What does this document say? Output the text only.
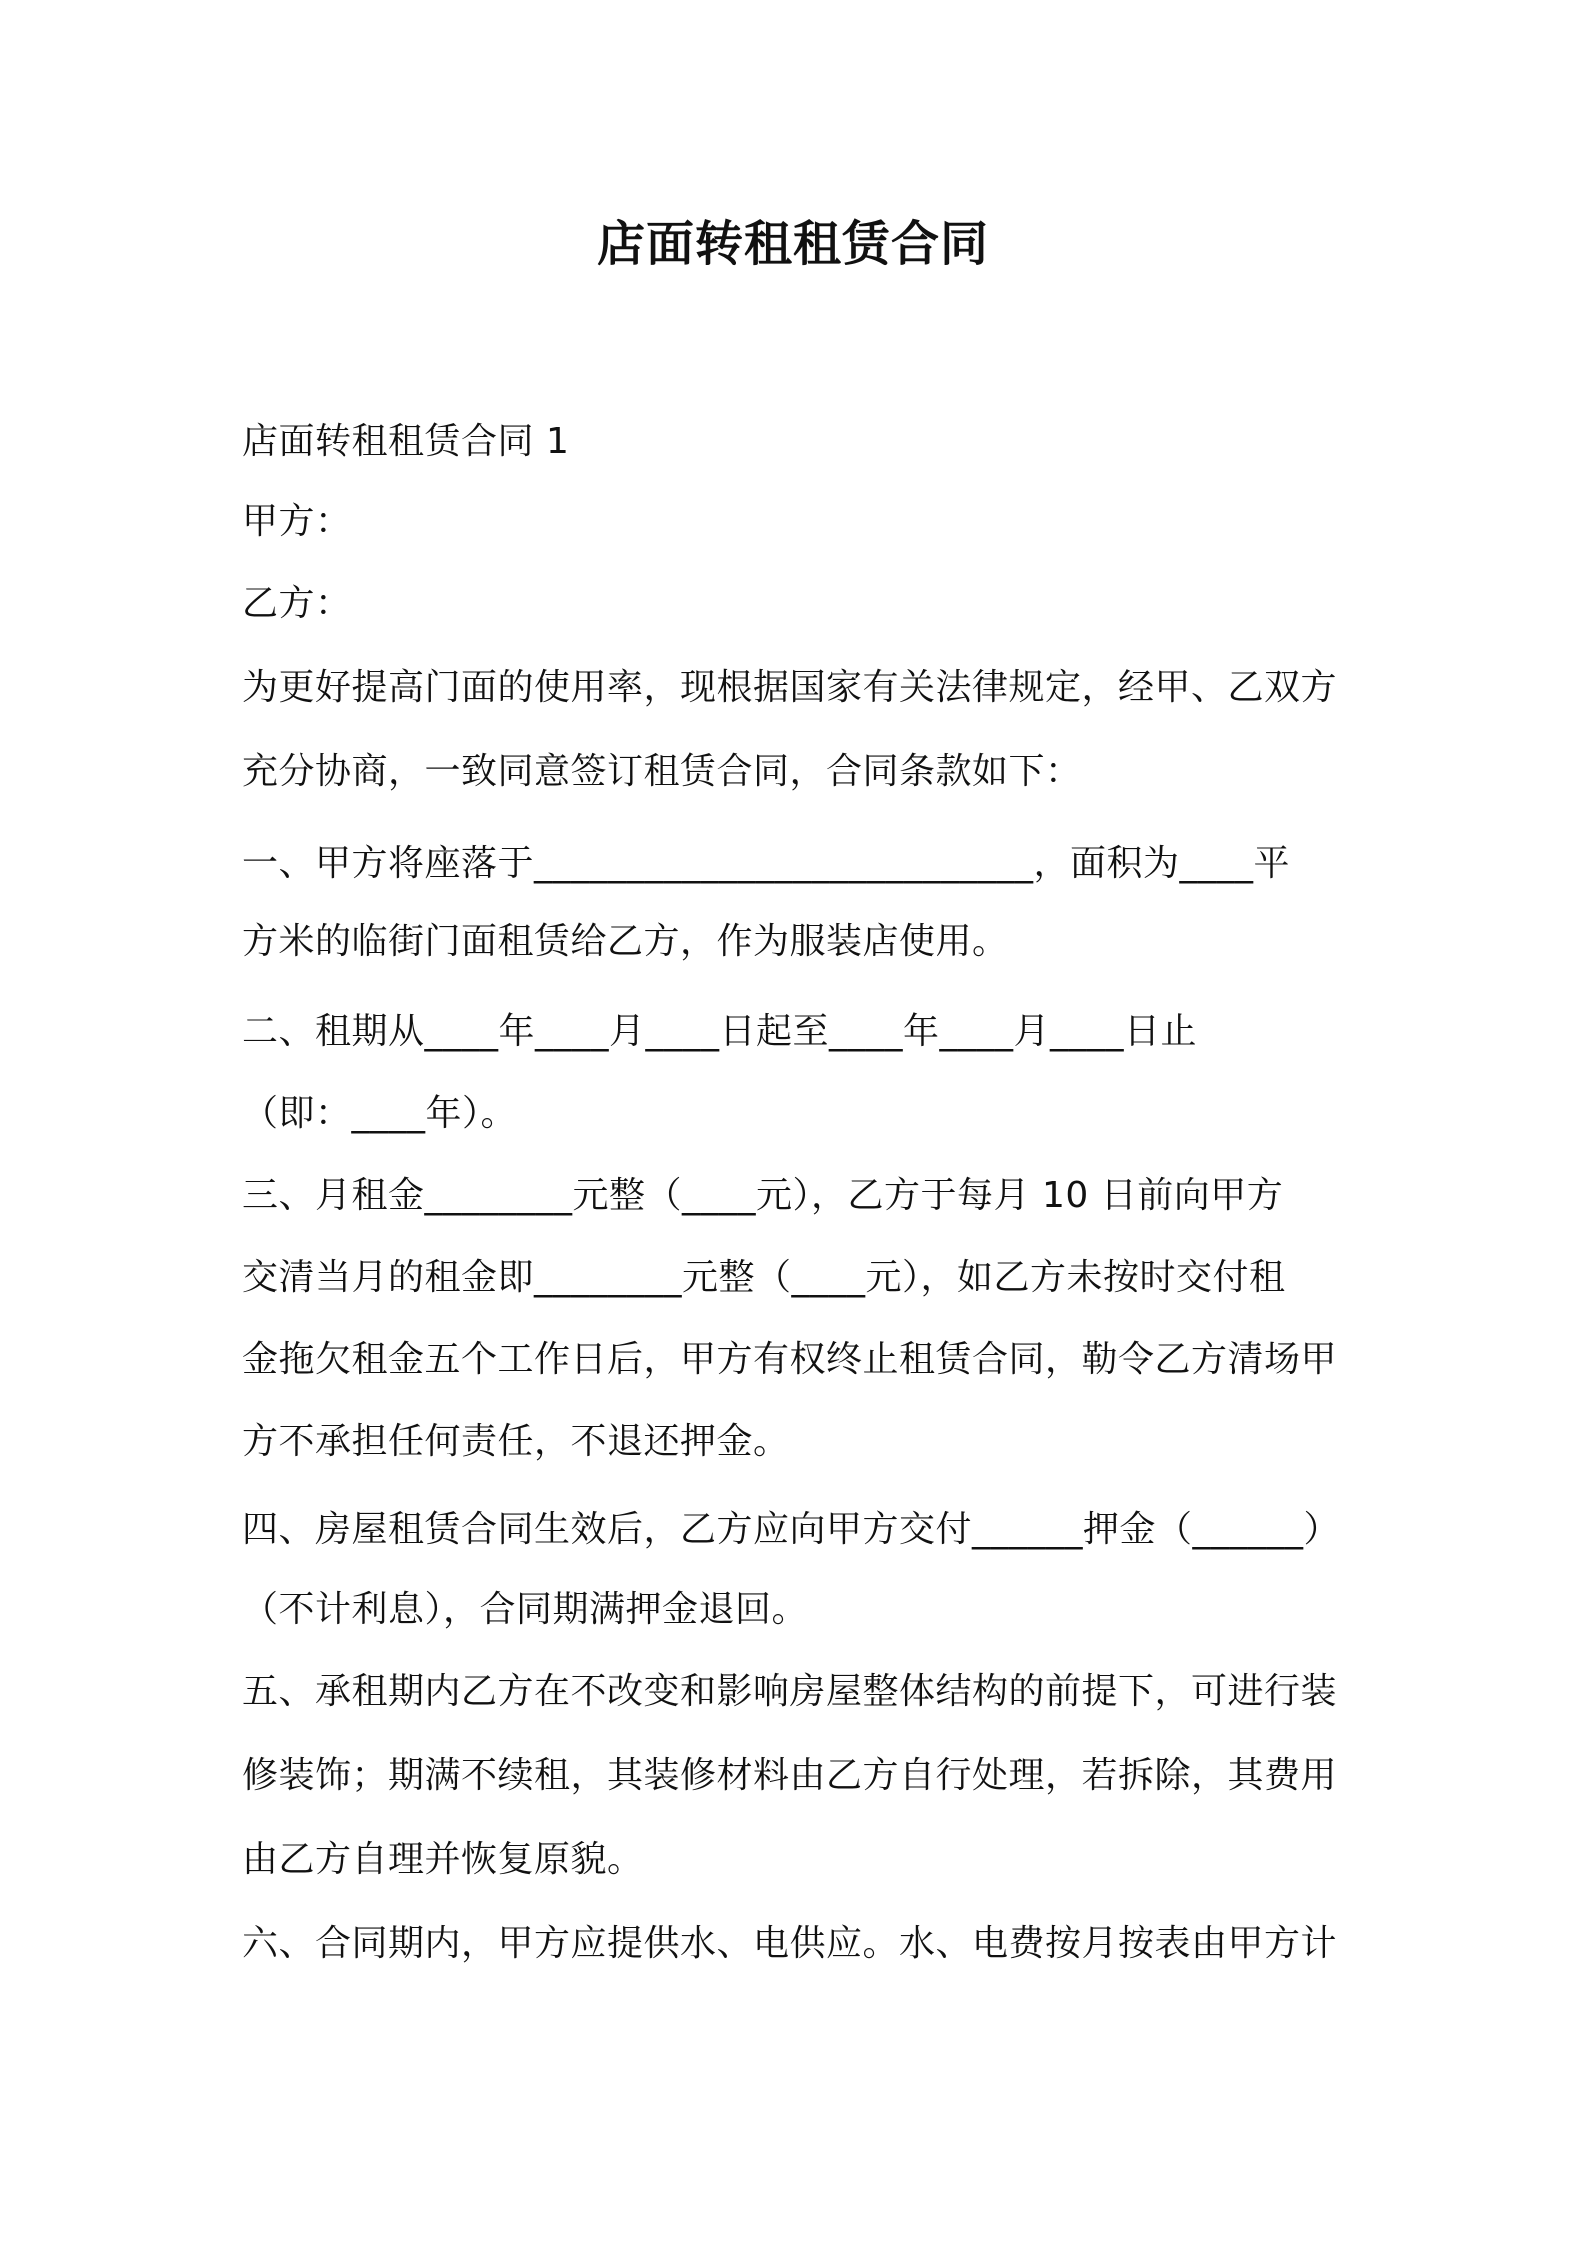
店面转租租赁合同
店面转租租赁合同 1
甲方：
乙方：
为更好提高门面的使用率，现根据国家有关法律规定，经甲、乙双方
充分协商，一致同意签订租赁合同，合同条款如下：
一、甲方将座落于___________________________，面积为____平
方米的临街门面租赁给乙方，作为服装店使用。
二、租期从____年____月____日起至____年____月____日止
（即：____年）。
三、月租金________元整（____元），乙方于每月 10 日前向甲方
交清当月的租金即________元整（____元），如乙方未按时交付租
金拖欠租金五个工作日后，甲方有权终止租赁合同，勒令乙方清场甲
方不承担任何责任，不退还押金。
四、房屋租赁合同生效后，乙方应向甲方交付______押金（______）
（不计利息），合同期满押金退回。
五、承租期内乙方在不改变和影响房屋整体结构的前提下，可进行装
修装饰；期满不续租，其装修材料由乙方自行处理，若拆除，其费用
由乙方自理并恢复原貌。
六、合同期内，甲方应提供水、电供应。水、电费按月按表由甲方计
